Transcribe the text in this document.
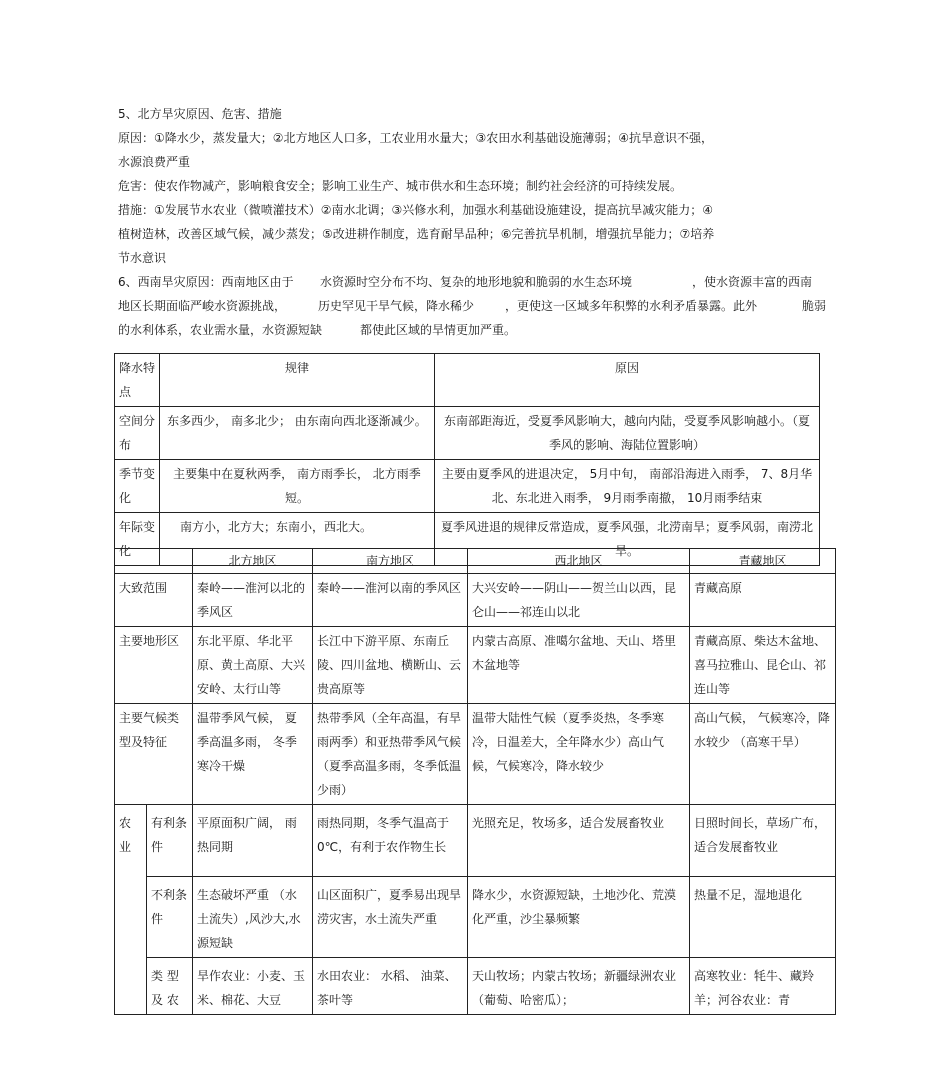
5、北方旱灾原因、危害、措施
原因：①降水少，蒸发量大；②北方地区人口多，工农业用水量大；③农田水利基础设施薄弱；④抗旱意识不强，
水源浪费严重
危害：使农作物减产，影响粮食安全；影响工业生产、城市供水和生态环境；制约社会经济的可持续发展。
措施：①发展节水农业（微喷灌技术）②南水北调；③兴修水利，加强水利基础设施建设，提高抗旱减灾能力；④
植树造林，改善区域气候，减少蒸发；⑤改进耕作制度，选育耐旱品种；⑥完善抗旱机制，增强抗旱能力；⑦培养
节水意识
6、西南旱灾原因：西南地区由于 水资源时空分布不均、复杂的地形地貌和脆弱的水生态环境	，使水资源丰富的西南
地区长期面临严峻水资源挑战，	历史罕见干旱气候，降水稀少	，更使这一区域多年积弊的水利矛盾暴露。此外	脆弱
的水利体系，农业需水量，水资源短缺	都使此区域的旱情更加严重。
降水特点	规律	原因
空间分布	东多西少， 南多北少； 由东南向西北逐渐减少。	东南部距海近，受夏季风影响大，越向内陆，受夏季风影响越小。（夏季风的影响、海陆位置影响）
季节变化	主要集中在夏秋两季， 南方雨季长， 北方雨季短。	主要由夏季风的进退决定， 5月中旬， 南部沿海进入雨季， 7、8月华北、东北进入雨季， 9月雨季南撤， 10月雨季结束
年际变化	南方小，北方大；东南小，西北大。	夏季风进退的规律反常造成，夏季风强，北涝南旱；夏季风弱，南涝北旱。
		北方地区	南方地区	西北地区	青藏地区
大致范围		秦岭——淮河以北的季风区	秦岭——淮河以南的季风区	大兴安岭——阴山——贺兰山以西，昆仑山——祁连山以北	青藏高原
主要地形区		东北平原、华北平原、黄土高原、大兴安岭、太行山等	长江中下游平原、东南丘陵、四川盆地、横断山、云贵高原等	内蒙古高原、准噶尔盆地、天山、塔里木盆地等	青藏高原、柴达木盆地、喜马拉雅山、昆仑山、祁连山等
主要气候类型及特征		温带季风气候， 夏季高温多雨， 冬季寒冷干燥	热带季风（全年高温，有旱雨两季）和亚热带季风气候（夏季高温多雨，冬季低温少雨）	温带大陆性气候（夏季炎热，冬季寒冷，日温差大，全年降水少）高山气候，气候寒冷，降水较少	高山气候， 气候寒冷，降水较少 （高寒干旱）
农业	有利条件	平原面积广阔， 雨热同期	雨热同期，冬季气温高于 0℃，有利于农作物生长	光照充足，牧场多，适合发展畜牧业	日照时间长，草场广布，适合发展畜牧业
	不利条件	生态破坏严重 （水土流失）,风沙大,水源短缺	山区面积广，夏季易出现旱涝灾害，水土流失严重	降水少，水资源短缺，土地沙化、荒漠化严重，沙尘暴频繁	热量不足，湿地退化
	类 型 及 农	旱作农业：小麦、玉米、棉花、大豆	水田农业： 水稻、 油菜、茶叶等	天山牧场；内蒙古牧场；新疆绿洲农业（葡萄、哈密瓜）；	高寒牧业：牦牛、藏羚羊；河谷农业：青
